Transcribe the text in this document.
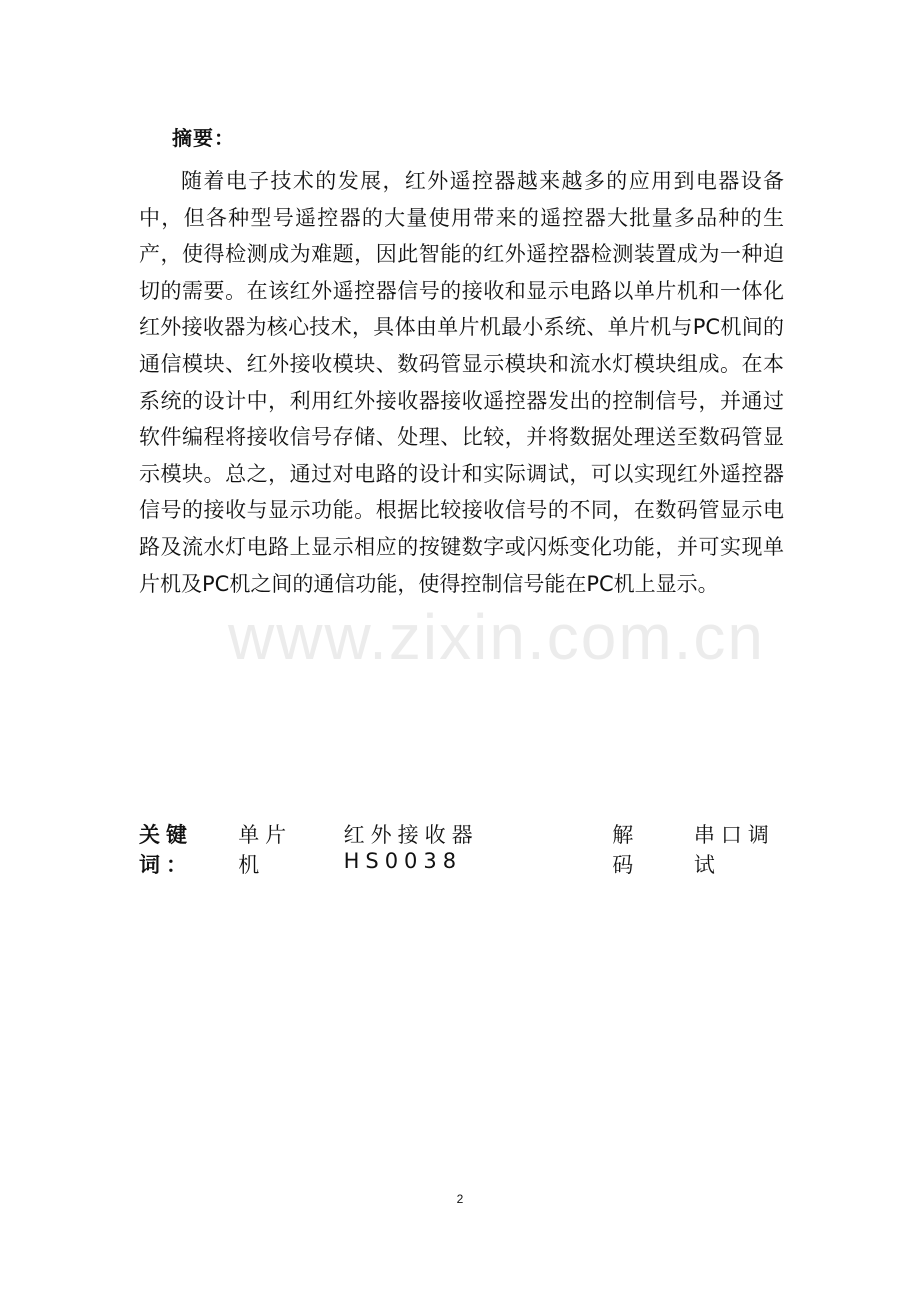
摘要：

随着电子技术的发展，红外遥控器越来越多的应用到电器设备中，但各种型号遥控器的大量使用带来的遥控器大批量多品种的生产，使得检测成为难题，因此智能的红外遥控器检测装置成为一种迫切的需要。在该红外遥控器信号的接收和显示电路以单片机和一体化红外接收器为核心技术，具体由单片机最小系统、单片机与PC机间的通信模块、红外接收模块、数码管显示模块和流水灯模块组成。在本系统的设计中，利用红外接收器接收遥控器发出的控制信号，并通过软件编程将接收信号存储、处理、比较，并将数据处理送至数码管显示模块。总之，通过对电路的设计和实际调试，可以实现红外遥控器信号的接收与显示功能。根据比较接收信号的不同，在数码管显示电路及流水灯电路上显示相应的按键数字或闪烁变化功能，并可实现单片机及PC机之间的通信功能，使得控制信号能在PC机上显示。

www.zixin.com.cn
关键词：
单片机
红外接收器 HS0038
解码
串口调试
2
